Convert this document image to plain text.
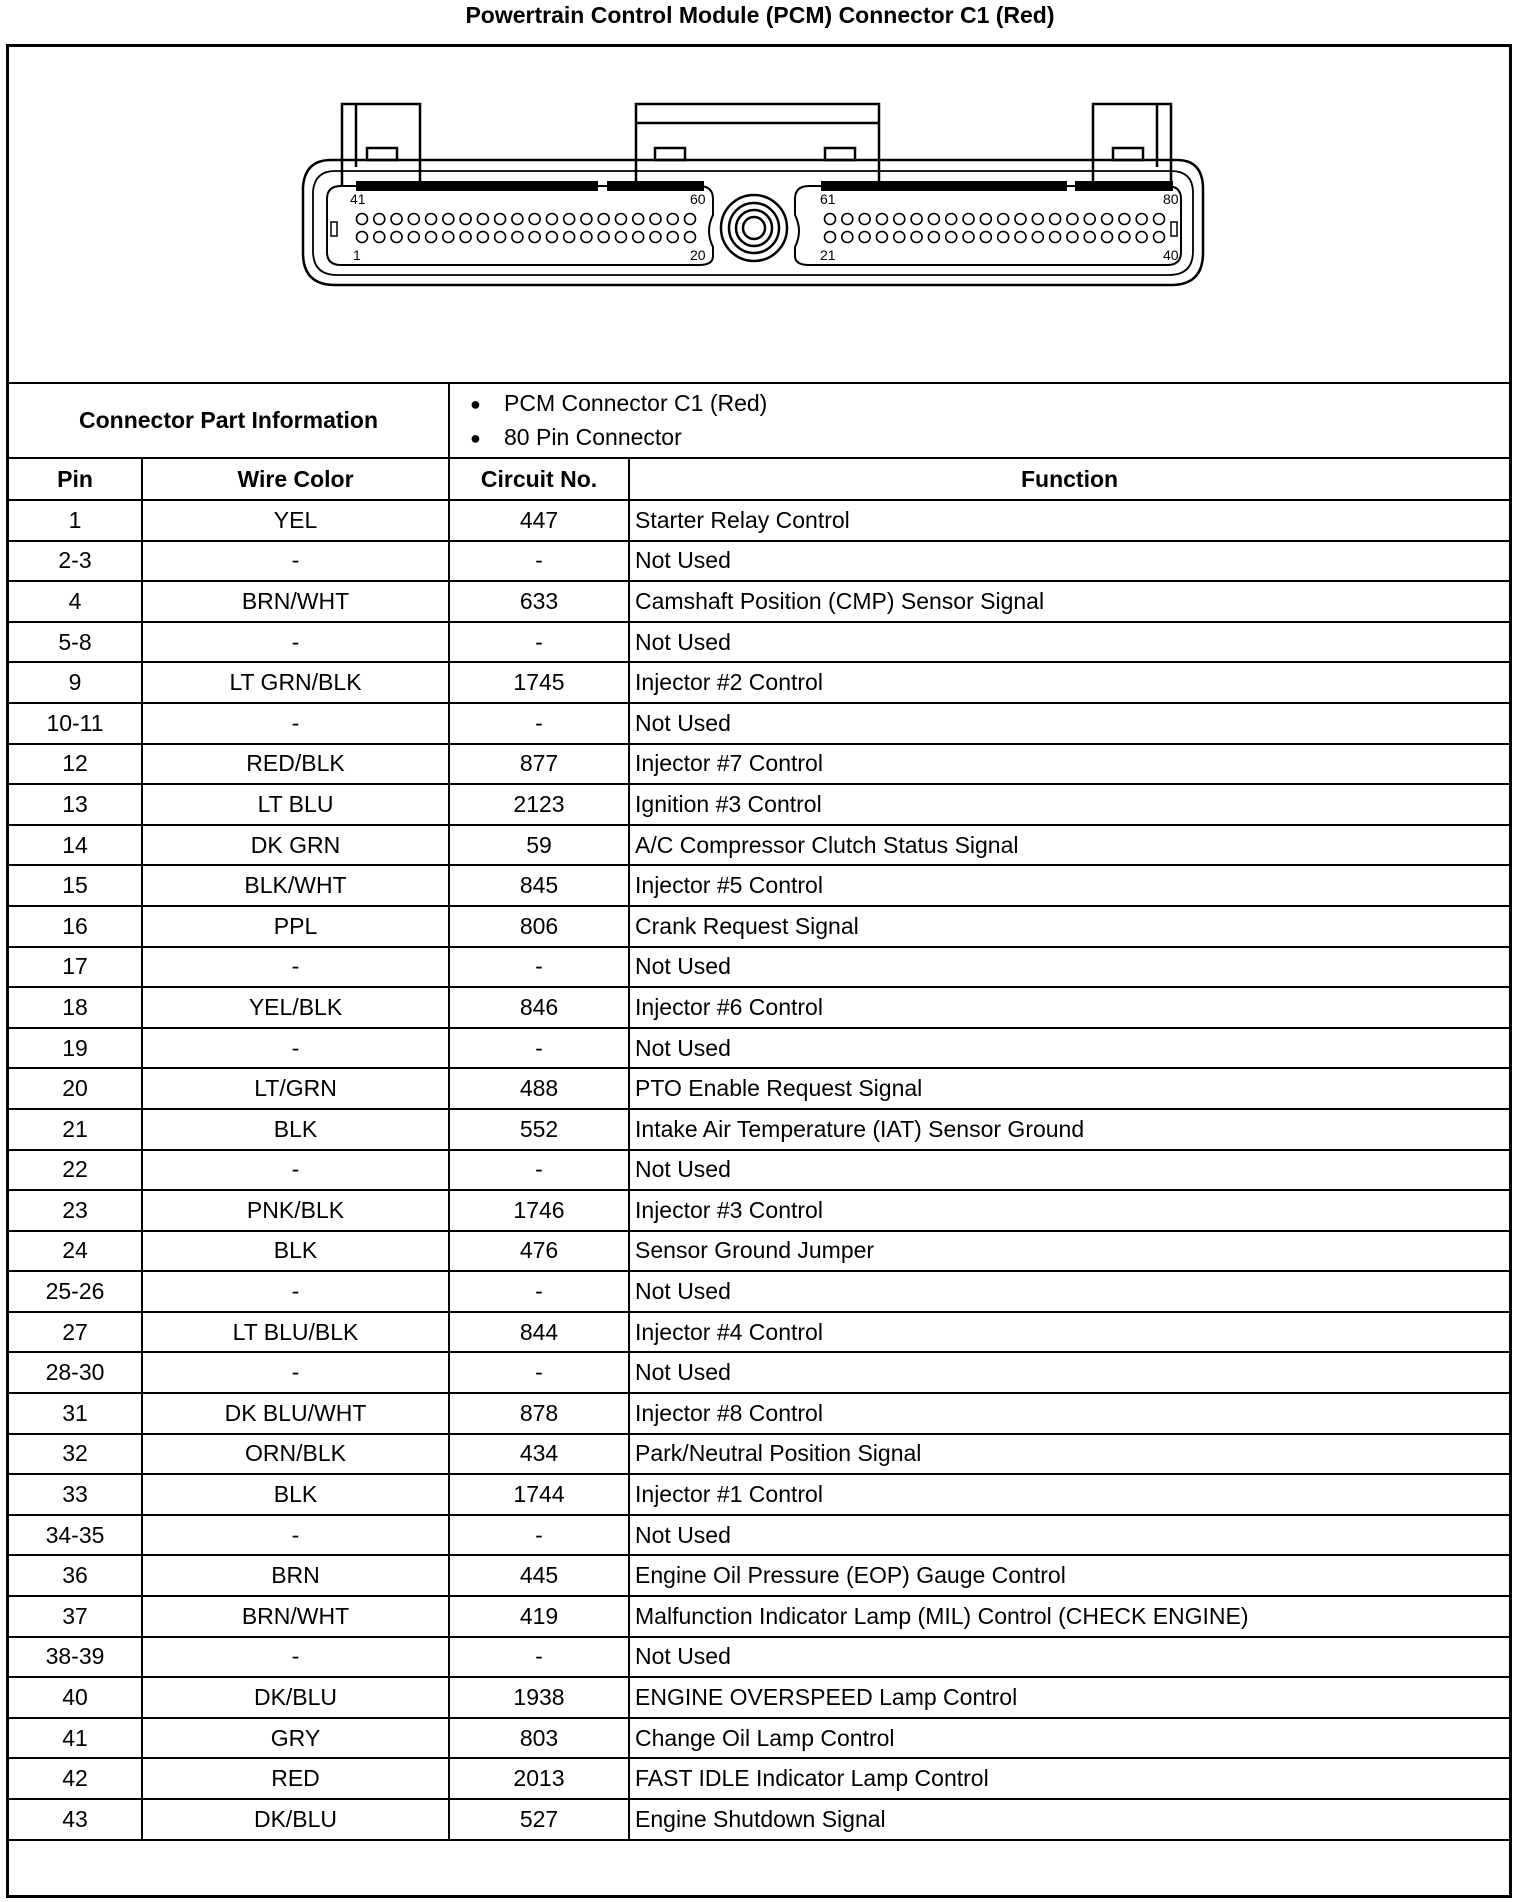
Powertrain Control Module (PCM) Connector C1 (Red)
41	60
1	20
61	80
21	40
Connector Part Information		● PCM Connector C1 (Red)
● 80 Pin Connector

Pin	Wire Color	Circuit No.	Function
1	YEL	447	Starter Relay Control
2-3	-	-	Not Used
4	BRN/WHT	633	Camshaft Position (CMP) Sensor Signal
5-8	-	-	Not Used
9	LT GRN/BLK	1745	Injector #2 Control
10-11	-	-	Not Used
12	RED/BLK	877	Injector #7 Control
13	LT BLU	2123	Ignition #3 Control
14	DK GRN	59	A/C Compressor Clutch Status Signal
15	BLK/WHT	845	Injector #5 Control
16	PPL	806	Crank Request Signal
17	-	-	Not Used
18	YEL/BLK	846	Injector #6 Control
19	-	-	Not Used
20	LT/GRN	488	PTO Enable Request Signal
21	BLK	552	Intake Air Temperature (IAT) Sensor Ground
22	-	-	Not Used
23	PNK/BLK	1746	Injector #3 Control
24	BLK	476	Sensor Ground Jumper
25-26	-	-	Not Used
27	LT BLU/BLK	844	Injector #4 Control
28-30	-	-	Not Used
31	DK BLU/WHT	878	Injector #8 Control
32	ORN/BLK	434	Park/Neutral Position Signal
33	BLK	1744	Injector #1 Control
34-35	-	-	Not Used
36	BRN	445	Engine Oil Pressure (EOP) Gauge Control
37	BRN/WHT	419	Malfunction Indicator Lamp (MIL) Control (CHECK ENGINE)
38-39	-	-	Not Used
40	DK/BLU	1938	ENGINE OVERSPEED Lamp Control
41	GRY	803	Change Oil Lamp Control
42	RED	2013	FAST IDLE Indicator Lamp Control
43	DK/BLU	527	Engine Shutdown Signal
